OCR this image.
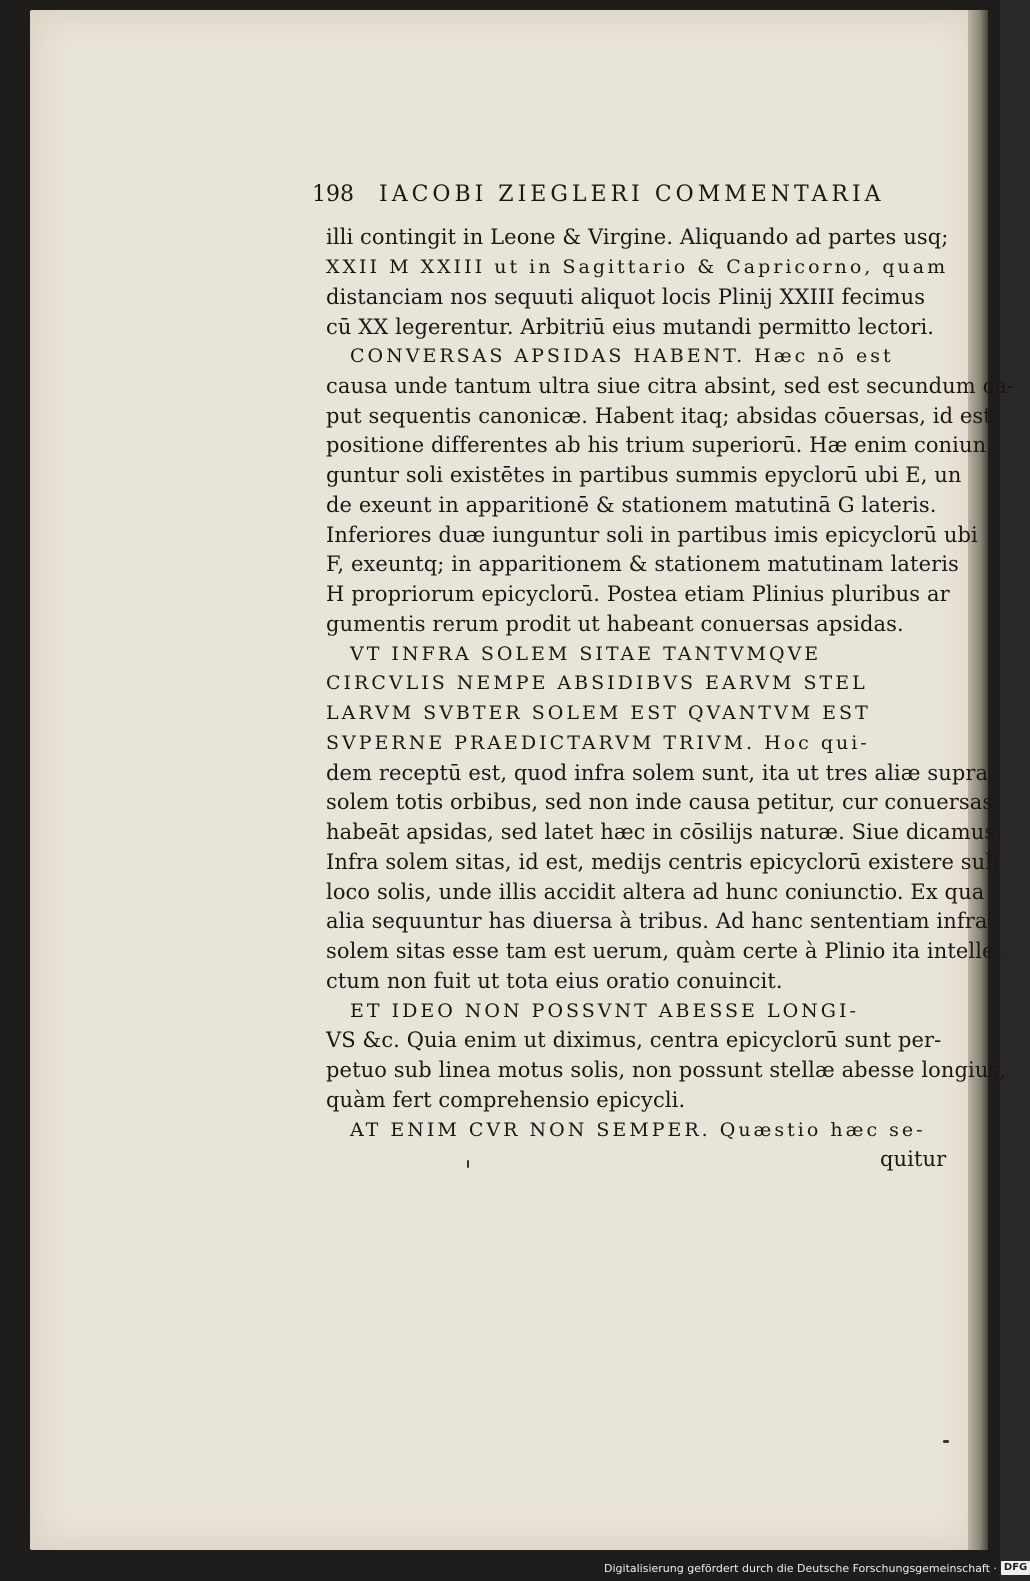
198 IACOBI ZIEGLERI COMMENTARIA
illi contingit in Leone & Virgine. Aliquando ad partes usq;
XXII M XXIII ut in Sagittario & Capricorno, quam
distanciam nos sequuti aliquot locis Plinij XXIII fecimus
cū XX legerentur. Arbitriū eius mutandi permitto lectori.
CONVERSAS APSIDAS HABENT. Hæc nō est
causa unde tantum ultra siue citra absint, sed est secundum ca-
put sequentis canonicæ. Habent itaq; absidas cōuersas, id est,
positione differentes ab his trium superiorū. Hæ enim coniun
guntur soli existētes in partibus summis epyclorū ubi E, un
de exeunt in apparitionē & stationem matutinā G lateris.
Inferiores duæ iunguntur soli in partibus imis epicyclorū ubi
F, exeuntq; in apparitionem & stationem matutinam lateris
H propriorum epicyclorū. Postea etiam Plinius pluribus ar
gumentis rerum prodit ut habeant conuersas apsidas.
VT INFRA SOLEM SITAE TANTVMQVE
CIRCVLIS NEMPE ABSIDIBVS EARVM STEL
LARVM SVBTER SOLEM EST QVANTVM EST
SVPERNE PRAEDICTARVM TRIVM. Hoc qui-
dem receptū est, quod infra solem sunt, ita ut tres aliæ supra
solem totis orbibus, sed non inde causa petitur, cur conuersas
habeāt apsidas, sed latet hæc in cōsilijs naturæ. Siue dicamus,
Infra solem sitas, id est, medijs centris epicyclorū existere sub
loco solis, unde illis accidit altera ad hunc coniunctio. Ex qua
alia sequuntur has diuersa à tribus. Ad hanc sententiam infra
solem sitas esse tam est uerum, quàm certe à Plinio ita intelle-
ctum non fuit ut tota eius oratio conuincit.
ET IDEO NON POSSVNT ABESSE LONGI-
VS &c. Quia enim ut diximus, centra epicyclorū sunt per-
petuo sub linea motus solis, non possunt stellæ abesse longius,
quàm fert comprehensio epicycli.
AT ENIM CVR NON SEMPER. Quæstio hæc se-
quitur
Digitalisierung gefördert durch die Deutsche Forschungsgemeinschaft · DFG
